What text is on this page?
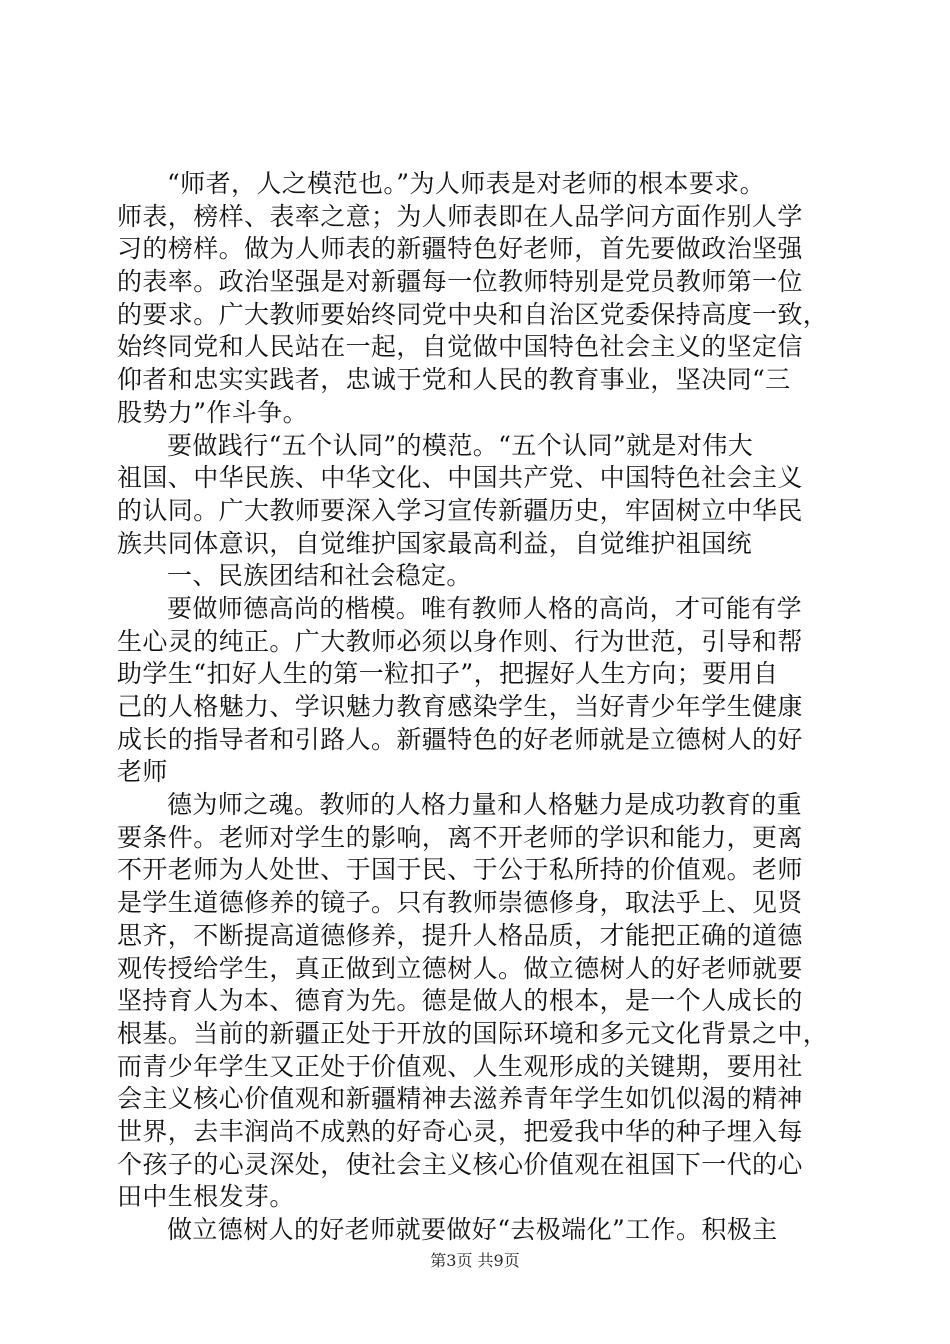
“师者，人之模范也。”为人师表是对老师的根本要求。
师表，榜样、表率之意；为人师表即在人品学问方面作别人学
习的榜样。做为人师表的新疆特色好老师，首先要做政治坚强
的表率。政治坚强是对新疆每一位教师特别是党员教师第一位
的要求。广大教师要始终同党中央和自治区党委保持高度一致，
始终同党和人民站在一起，自觉做中国特色社会主义的坚定信
仰者和忠实实践者，忠诚于党和人民的教育事业，坚决同“三
股势力”作斗争。
要做践行“五个认同”的模范。“五个认同”就是对伟大
祖国、中华民族、中华文化、中国共产党、中国特色社会主义
的认同。广大教师要深入学习宣传新疆历史，牢固树立中华民
族共同体意识，自觉维护国家最高利益，自觉维护祖国统
一、民族团结和社会稳定。
要做师德高尚的楷模。唯有教师人格的高尚，才可能有学
生心灵的纯正。广大教师必须以身作则、行为世范，引导和帮
助学生“扣好人生的第一粒扣子”，把握好人生方向；要用自
己的人格魅力、学识魅力教育感染学生，当好青少年学生健康
成长的指导者和引路人。新疆特色的好老师就是立德树人的好
老师
德为师之魂。教师的人格力量和人格魅力是成功教育的重
要条件。老师对学生的影响，离不开老师的学识和能力，更离
不开老师为人处世、于国于民、于公于私所持的价值观。老师
是学生道德修养的镜子。只有教师崇德修身，取法乎上、见贤
思齐，不断提高道德修养，提升人格品质，才能把正确的道德
观传授给学生，真正做到立德树人。做立德树人的好老师就要
坚持育人为本、德育为先。德是做人的根本，是一个人成长的
根基。当前的新疆正处于开放的国际环境和多元文化背景之中，
而青少年学生又正处于价值观、人生观形成的关键期，要用社
会主义核心价值观和新疆精神去滋养青年学生如饥似渴的精神
世界，去丰润尚不成熟的好奇心灵，把爱我中华的种子埋入每
个孩子的心灵深处，使社会主义核心价值观在祖国下一代的心
田中生根发芽。
做立德树人的好老师就要做好“去极端化”工作。积极主
第3页 共9页
